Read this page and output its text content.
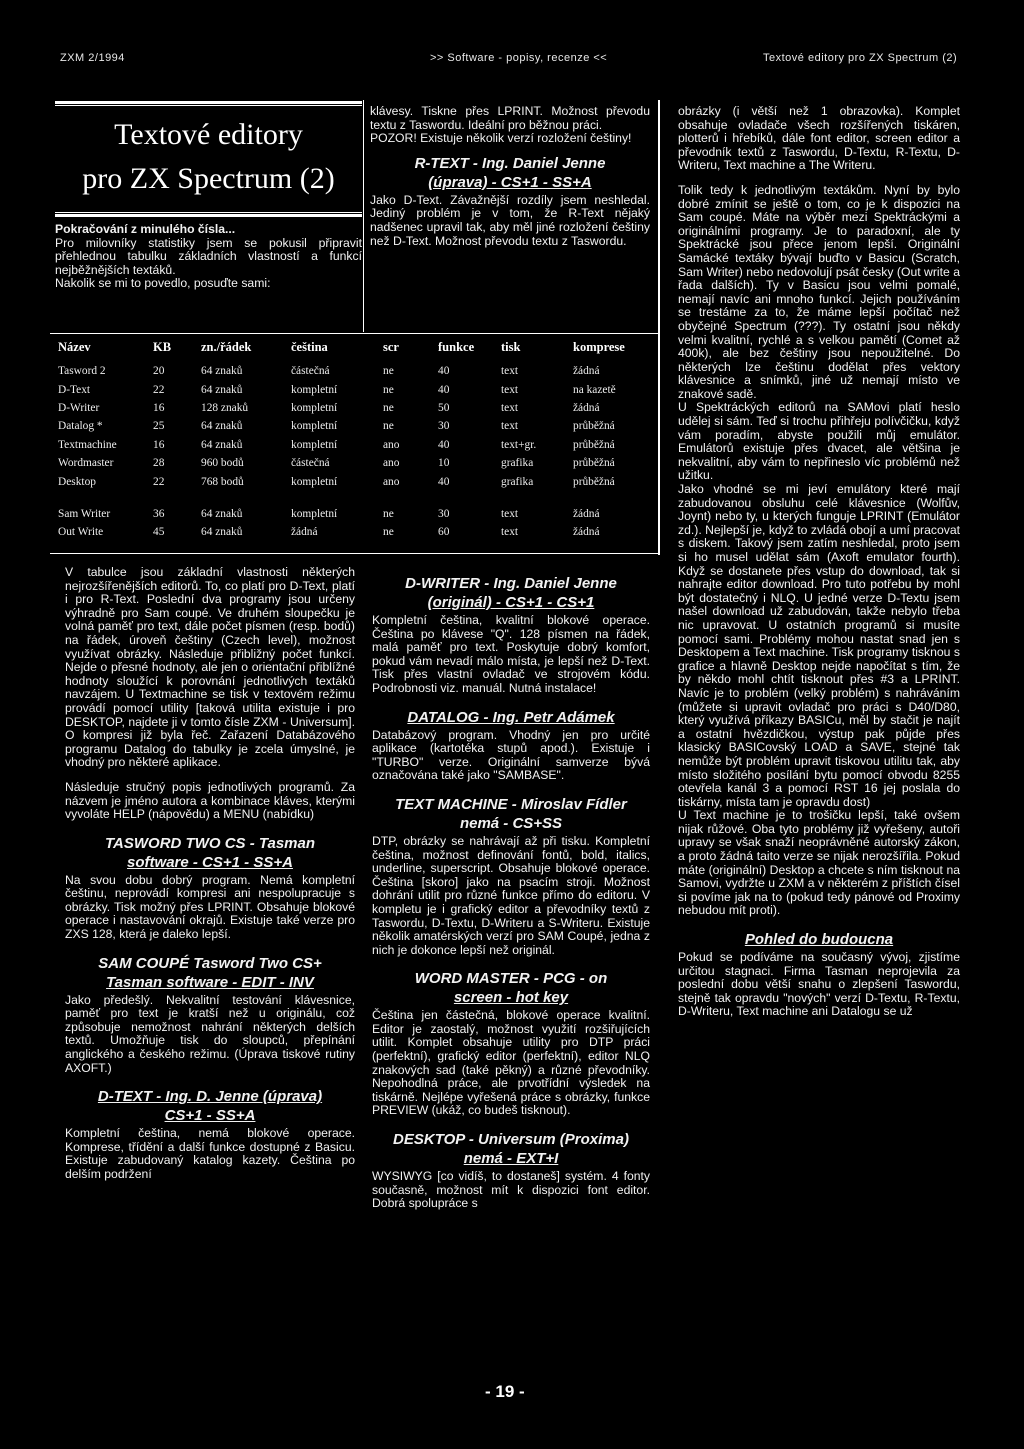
ZXM 2/1994	>> Software - popisy, recenze <<	Textové editory pro ZX Spectrum (2)
Textové editory
pro ZX Spectrum (2)

Pokračování z minulého čísla...

Pro milovníky statistiky jsem se pokusil připravit přehlednou tabulku základních vlastností a funkcí nejběžnějších textáků.

Nakolik se mi to povedlo, posuďte sami:

Název	KB	zn./řádek	čeština	scr	funkce	tisk	komprese
Tasword 2	20	64 znaků	částečná	ne	40	text	žádná
D-Text	22	64 znaků	kompletní	ne	40	text	na kazetě
D-Writer	16	128 znaků	kompletní	ne	50	text	žádná
Datalog *	25	64 znaků	kompletní	ne	30	text	průběžná
Textmachine	16	64 znaků	kompletní	ano	40	text+gr.	průběžná
Wordmaster	28	960 bodů	částečná	ano	10	grafika	průběžná
Desktop	22	768 bodů	kompletní	ano	40	grafika	průběžná

Sam Writer	36	64 znaků	kompletní	ne	30	text	žádná
Out Write	45	64 znaků	žádná	ne	60	text	žádná

V tabulce jsou základní vlastnosti některých nejrozšířenějších editorů. To, co platí pro D-Text, platí i pro R-Text. Poslední dva programy jsou určeny výhradně pro Sam coupé. Ve druhém sloupečku je volná paměť pro text, dále počet písmen (resp. bodů) na řádek, úroveň češtiny (Czech level), možnost využívat obrázky. Následuje přibližný počet funkcí. Nejde o přesné hodnoty, ale jen o orientační přiblížné hodnoty sloužící k porovnání jednotlivých textáků navzájem. U Textmachine se tisk v textovém režimu provádí pomocí utility [taková utilita existuje i pro DESKTOP, najdete ji v tomto čísle ZXM - Universum]. O kompresi již byla řeč. Zařazení Databázového programu Datalog do tabulky je zcela úmyslné, je vhodný pro některé aplikace.

Následuje stručný popis jednotlivých programů. Za názvem je jméno autora a kombinace kláves, kterými vyvoláte HELP (nápovědu) a MENU (nabídku)

TASWORD TWO CS - Tasman
software - CS+1 - SS+A

Na svou dobu dobrý program. Nemá kompletní češtinu, neprovádí kompresi ani nespolupracuje s obrázky. Tisk možný přes LPRINT. Obsahuje blokové operace i nastavování okrajů. Existuje také verze pro ZXS 128, která je daleko lepší.

SAM COUPÉ Tasword Two CS+
Tasman software - EDIT - INV

Jako předešlý. Nekvalitní testování klávesnice, paměť pro text je kratší než u originálu, což způsobuje nemožnost nahrání některých delších textů. Umožňuje tisk do sloupců, přepínání anglického a českého režimu. (Úprava tiskové rutiny AXOFT.)

D-TEXT - Ing. D. Jenne (úprava)
CS+1 - SS+A

Kompletní čeština, nemá blokové operace. Komprese, třídění a další funkce dostupné z Basicu. Existuje zabudovaný katalog kazety. Čeština po delším podržení

klávesy. Tiskne přes LPRINT. Možnost převodu textu z Taswordu. Ideální pro běžnou práci.

POZOR! Existuje několik verzí rozložení češtiny!

R-TEXT - Ing. Daniel Jenne
(úprava) - CS+1 - SS+A

Jako D-Text. Závažnější rozdíly jsem neshledal. Jediný problém je v tom, že R-Text nějaký nadšenec upravil tak, aby měl jiné rozložení češtiny než D-Text. Možnost převodu textu z Taswordu.

D-WRITER - Ing. Daniel Jenne
(originál) - CS+1 - CS+1

Kompletní čeština, kvalitní blokové operace. Čeština po klávese "Q". 128 písmen na řádek, malá paměť pro text. Poskytuje dobrý komfort, pokud vám nevadí málo místa, je lepší než D-Text. Tisk přes vlastní ovladač ve strojovém kódu. Podrobnosti viz. manuál. Nutná instalace!

DATALOG - Ing. Petr Adámek

Databázový program. Vhodný jen pro určité aplikace (kartotéka stupů apod.). Existuje i "TURBO" verze. Originální samverze bývá označována také jako "SAMBASE".

TEXT MACHINE - Miroslav Fídler
nemá - CS+SS

DTP, obrázky se nahrávají až při tisku. Kompletní čeština, možnost definování fontů, bold, italics, underline, superscript. Obsahuje blokové operace. Čeština [skoro] jako na psacím stroji. Možnost dohrání utilit pro různé funkce přímo do editoru. V kompletu je i grafický editor a převodníky textů z Taswordu, D-Textu, D-Writeru a S-Writeru. Existuje několik amatérských verzí pro SAM Coupé, jedna z nich je dokonce lepší než originál.

WORD MASTER - PCG - on
screen - hot key

Čeština jen částečná, blokové operace kvalitní. Editor je zaostalý, možnost využití rozšiřujících utilit. Komplet obsahuje utility pro DTP práci (perfektní), grafický editor (perfektní), editor NLQ znakových sad (také pěkný) a různé převodníky. Nepohodlná práce, ale prvotřídní výsledek na tiskárně. Nejlépe vyřešená práce s obrázky, funkce PREVIEW (ukáž, co budeš tisknout).

DESKTOP - Universum (Proxima)
nemá - EXT+I

WYSIWYG [co vidíš, to dostaneš] systém. 4 fonty současně, možnost mít k dispozici font editor. Dobrá spolupráce s

obrázky (i větší než 1 obrazovka). Komplet obsahuje ovladače všech rozšířených tiskáren, plotterů i hřebíků, dále font editor, screen editor a převodník textů z Taswordu, D-Textu, R-Textu, D-Writeru, Text machine a The Writeru.

Tolik tedy k jednotlivým textákům. Nyní by bylo dobré zmínit se ještě o tom, co je k dispozici na Sam coupé. Máte na výběr mezi Spektráckými a originálními programy. Je to paradoxní, ale ty Spektrácké jsou přece jenom lepší. Originální Samácké textáky bývají buďto v Basicu (Scratch, Sam Writer) nebo nedovolují psát česky (Out write a řada dalších). Ty v Basicu jsou velmi pomalé, nemají navíc ani mnoho funkcí. Jejich používáním se trestáme za to, že máme lepší počítač než obyčejné Spectrum (???). Ty ostatní jsou někdy velmi kvalitní, rychlé a s velkou pamětí (Comet až 400k), ale bez češtiny jsou nepoužitelné. Do některých lze češtinu dodělat přes vektory klávesnice a snímků, jiné už nemají místo ve znakové sadě.

U Spektráckých editorů na SAMovi platí heslo udělej si sám. Teď si trochu přihřeju polívčičku, když vám poradím, abyste použili můj emulátor. Emulátorů existuje přes dvacet, ale většina je nekvalitní, aby vám to nepřineslo víc problémů než užitku.

Jako vhodné se mi jeví emulátory které mají zabudovanou obsluhu celé klávesnice (Wolfův, Joynt) nebo ty, u kterých funguje LPRINT (Emulátor zd.). Nejlepší je, když to zvládá obojí a umí pracovat s diskem. Takový jsem zatím neshledal, proto jsem si ho musel udělat sám (Axoft emulator fourth). Když se dostanete přes vstup do download, tak si nahrajte editor download. Pro tuto potřebu by mohl být dostatečný i NLQ. U jedné verze D-Textu jsem našel download už zabudován, takže nebylo třeba nic upravovat. U ostatních programů si musíte pomocí sami. Problémy mohou nastat snad jen s Desktopem a Text machine. Tisk programy tisknou s grafice a hlavně Desktop nejde napočítat s tím, že by někdo mohl chtít tisknout přes #3 a LPRINT. Navíc je to problém (velký problém) s nahráváním (můžete si upravit ovladač pro práci s D40/D80, který využívá příkazy BASICu, měl by stačit je najít a ostatní hvězdičkou, výstup pak půjde přes klasický BASICovský LOAD a SAVE, stejné tak nemůže být problém upravit tiskovou utilitu tak, aby místo složitého posílání bytu pomocí obvodu 8255 otevřela kanál 3 a pomocí RST 16 jej poslala do tiskárny, místa tam je opravdu dost)

U Text machine je to trošičku lepší, také ovšem nijak růžové. Oba tyto problémy již vyřešeny, autoři upravy se však snaží neoprávněné autorský zákon, a proto žádná taito verze se nijak nerozšířila. Pokud máte (originální) Desktop a chcete s ním tisknout na Samovi, vydržte u ZXM a v některém z příštích čísel si povíme jak na to (pokud tedy pánové od Proximy nebudou mít proti).

Pohled do budoucna

Pokud se podíváme na současný vývoj, zjistíme určitou stagnaci. Firma Tasman neprojevila za poslední dobu větší snahu o zlepšení Taswordu, stejně tak opravdu "nových" verzí D-Textu, R-Textu, D-Writeru, Text machine ani Datalogu se už

- 19 -
